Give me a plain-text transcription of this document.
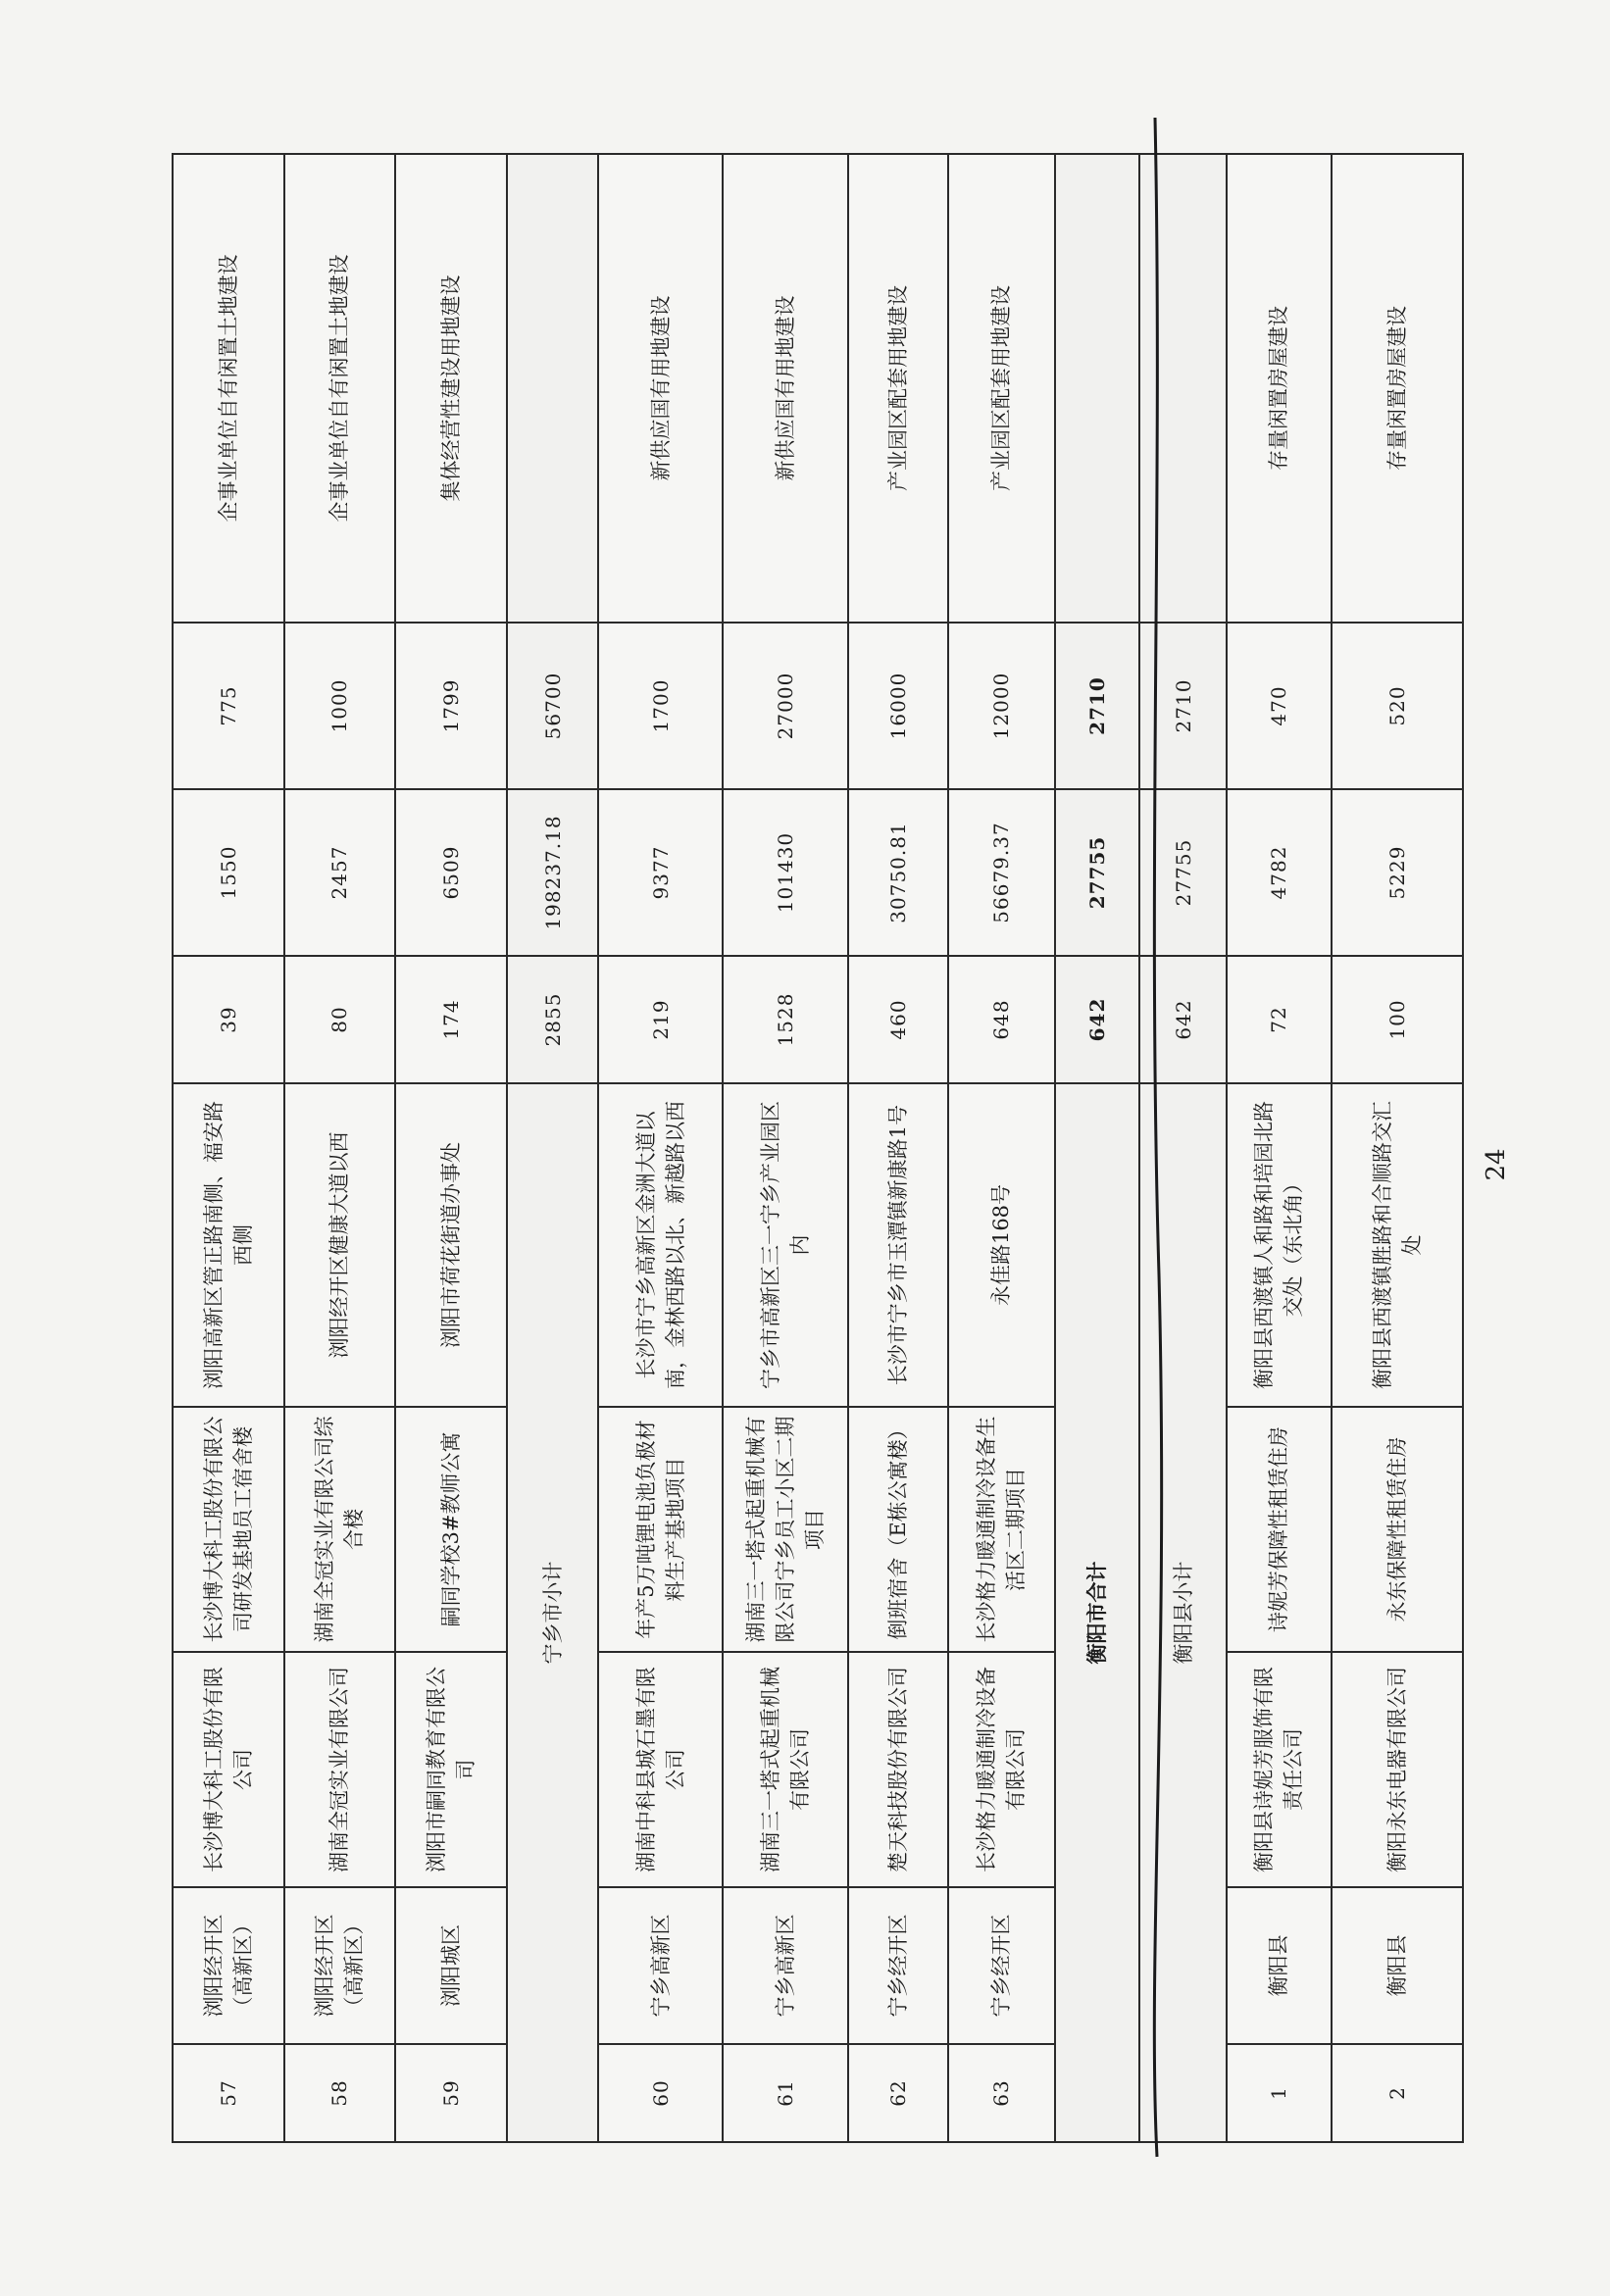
57	浏阳经开区（高新区）	长沙博大科工股份有限公司	长沙博大科工股份有限公司研发基地员工宿舍楼	浏阳高新区管正路南侧、福安路西侧	39	1550	775	企事业单位自有闲置土地建设
58	浏阳经开区（高新区）	湖南全冠实业有限公司	湖南全冠实业有限公司综合楼	浏阳经开区健康大道以西	80	2457	1000	企事业单位自有闲置土地建设
59	浏阳城区	浏阳市嗣同教育有限公司	嗣同学校3#教师公寓	浏阳市荷花街道办事处	174	6509	1799	集体经营性建设用地建设
宁乡市小计					2855	198237.18	56700	
60	宁乡高新区	湖南中科县城石墨有限公司	年产5万吨锂电池负极材料生产基地项目	长沙市宁乡高新区金洲大道以南，金林西路以北、新越路以西	219	9377	1700	新供应国有用地建设
61	宁乡高新区	湖南三一塔式起重机械有限公司	湖南三一塔式起重机械有限公司宁乡员工小区二期项目	宁乡市高新区三一宁乡产业园区内	1528	101430	27000	新供应国有用地建设
62	宁乡经开区	楚天科技股份有限公司	倒班宿舍（E栋公寓楼）	长沙市宁乡市玉潭镇新康路1号	460	30750.81	16000	产业园区配套用地建设
63	宁乡经开区	长沙格力暖通制冷设备有限公司	长沙格力暖通制冷设备生活区二期项目	永佳路168号	648	56679.37	12000	产业园区配套用地建设
衡阳市合计					642	27755	2710	
衡阳县小计					642	27755	2710	
1	衡阳县	衡阳县诗妮芳服饰有限责任公司	诗妮芳保障性租赁住房	衡阳县西渡镇人和路和培园北路交处（东北角）	72	4782	470	存量闲置房屋建设
2	衡阳县	衡阳永东电器有限公司	永东保障性租赁住房	衡阳县西渡镇胜路和合顺路交汇处	100	5229	520	存量闲置房屋建设
24
